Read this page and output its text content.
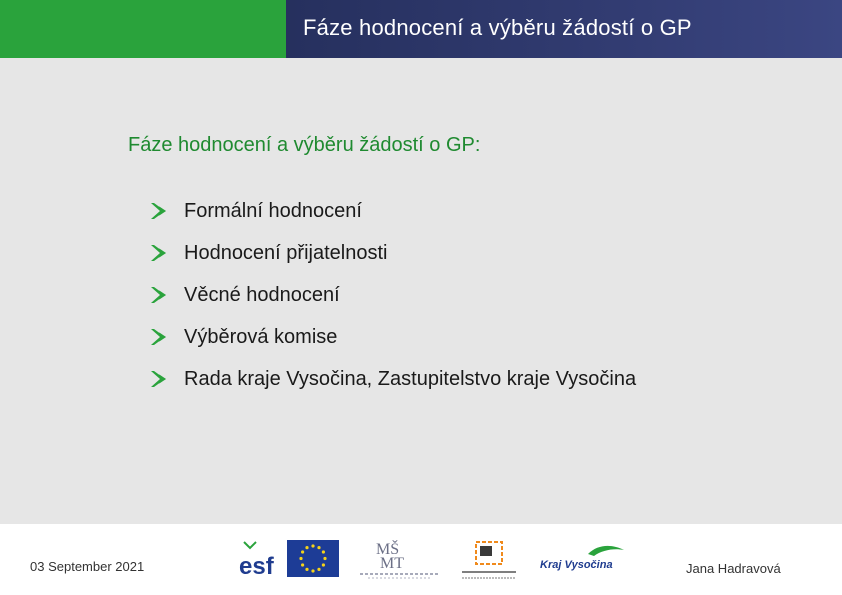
Fáze hodnocení a výběru žádostí o GP
Fáze hodnocení a výběru žádostí o GP:
Formální hodnocení
Hodnocení přijatelnosti
Věcné hodnocení
Výběrová komise
Rada kraje Vysočina, Zastupitelstvo kraje Vysočina
03 September 2021	esf
MŠ
MT	Kraj Vysočina	Jana Hadravová
